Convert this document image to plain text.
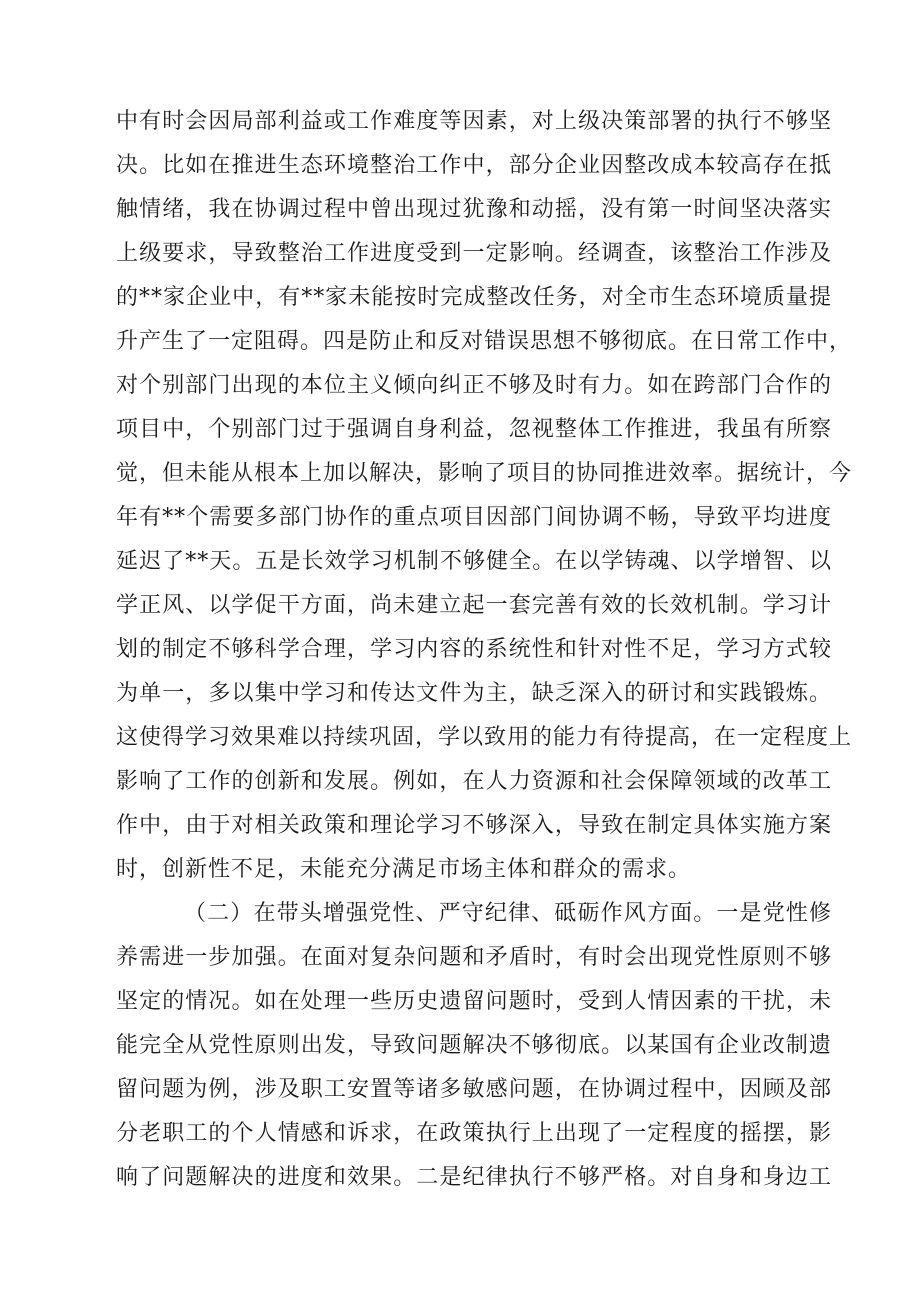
中有时会因局部利益或工作难度等因素，对上级决策部署的执行不够坚
决。比如在推进生态环境整治工作中，部分企业因整改成本较高存在抵
触情绪，我在协调过程中曾出现过犹豫和动摇，没有第一时间坚决落实
上级要求，导致整治工作进度受到一定影响。经调查，该整治工作涉及
的**家企业中，有**家未能按时完成整改任务，对全市生态环境质量提
升产生了一定阻碍。四是防止和反对错误思想不够彻底。在日常工作中，
对个别部门出现的本位主义倾向纠正不够及时有力。如在跨部门合作的
项目中，个别部门过于强调自身利益，忽视整体工作推进，我虽有所察
觉，但未能从根本上加以解决，影响了项目的协同推进效率。据统计，今
年有**个需要多部门协作的重点项目因部门间协调不畅，导致平均进度
延迟了**天。五是长效学习机制不够健全。在以学铸魂、以学增智、以
学正风、以学促干方面，尚未建立起一套完善有效的长效机制。学习计
划的制定不够科学合理，学习内容的系统性和针对性不足，学习方式较
为单一，多以集中学习和传达文件为主，缺乏深入的研讨和实践锻炼。
这使得学习效果难以持续巩固，学以致用的能力有待提高，在一定程度上
影响了工作的创新和发展。例如，在人力资源和社会保障领域的改革工
作中，由于对相关政策和理论学习不够深入，导致在制定具体实施方案
时，创新性不足，未能充分满足市场主体和群众的需求。
（二）在带头增强党性、严守纪律、砥砺作风方面。一是党性修
养需进一步加强。在面对复杂问题和矛盾时，有时会出现党性原则不够
坚定的情况。如在处理一些历史遗留问题时，受到人情因素的干扰，未
能完全从党性原则出发，导致问题解决不够彻底。以某国有企业改制遗
留问题为例，涉及职工安置等诸多敏感问题，在协调过程中，因顾及部
分老职工的个人情感和诉求，在政策执行上出现了一定程度的摇摆，影
响了问题解决的进度和效果。二是纪律执行不够严格。对自身和身边工
